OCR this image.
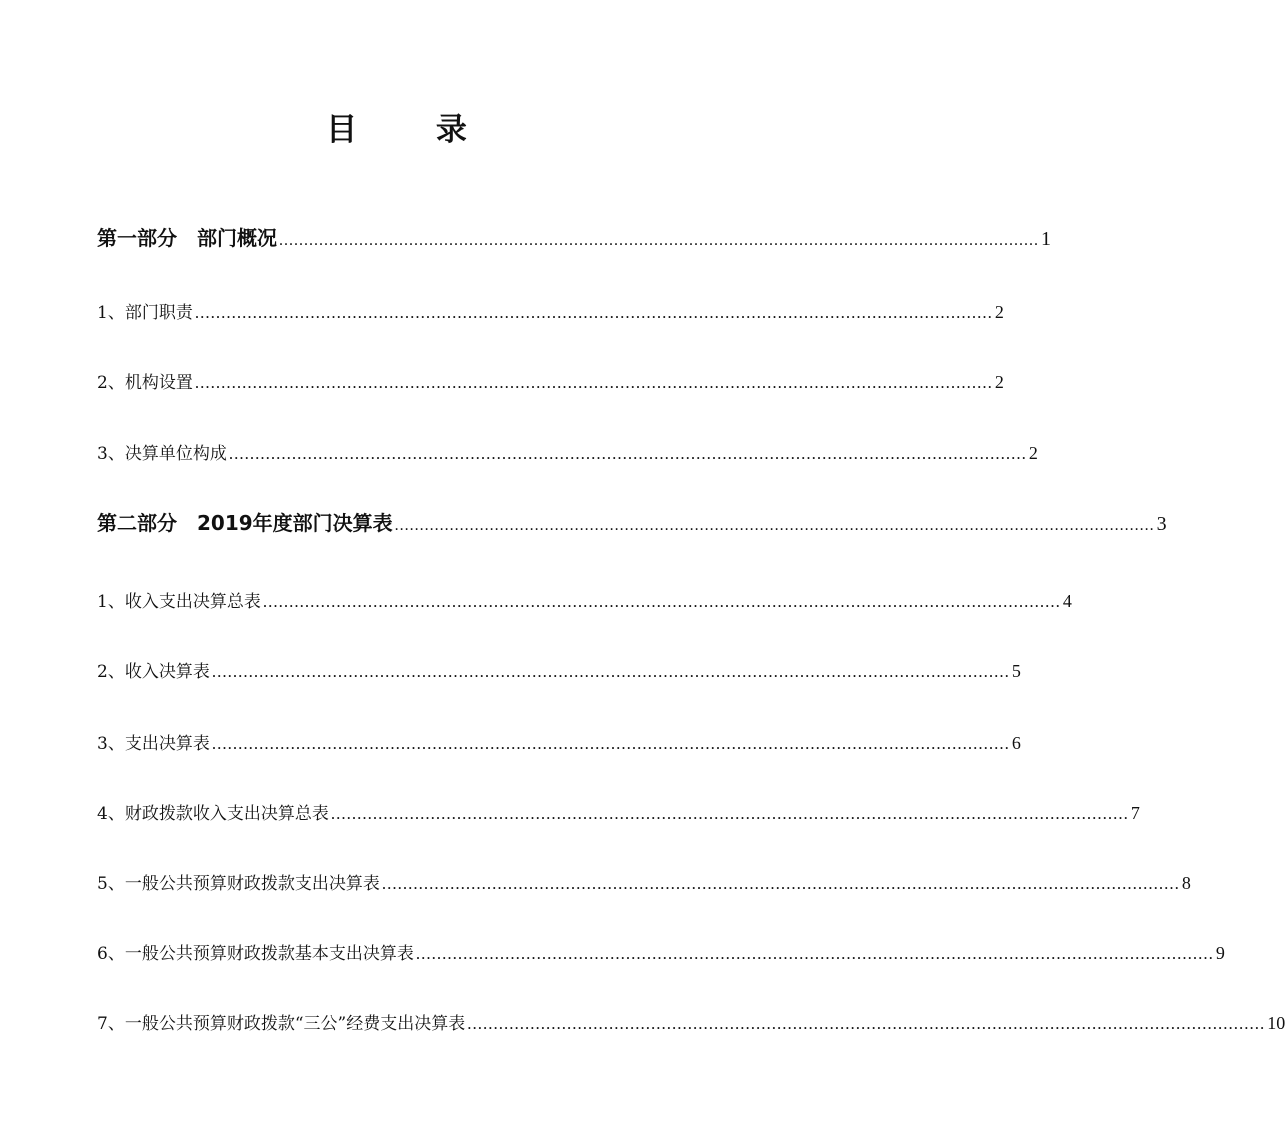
目 录
第一部分　部门概况 ........................................................................................................................................................ 1
1、部门职责 ........................................................................................................................................................ 2
2、机构设置 ........................................................................................................................................................ 2
3、决算单位构成 ........................................................................................................................................................ 2
第二部分　2019年度部门决算表 ........................................................................................................................................................ 3
1、收入支出决算总表 ........................................................................................................................................................ 4
2、收入决算表 ........................................................................................................................................................ 5
3、支出决算表 ........................................................................................................................................................ 6
4、财政拨款收入支出决算总表 ........................................................................................................................................................ 7
5、一般公共预算财政拨款支出决算表 ........................................................................................................................................................ 8
6、一般公共预算财政拨款基本支出决算表 ........................................................................................................................................................ 9
7、一般公共预算财政拨款“三公”经费支出决算表 ........................................................................................................................................................ 10
